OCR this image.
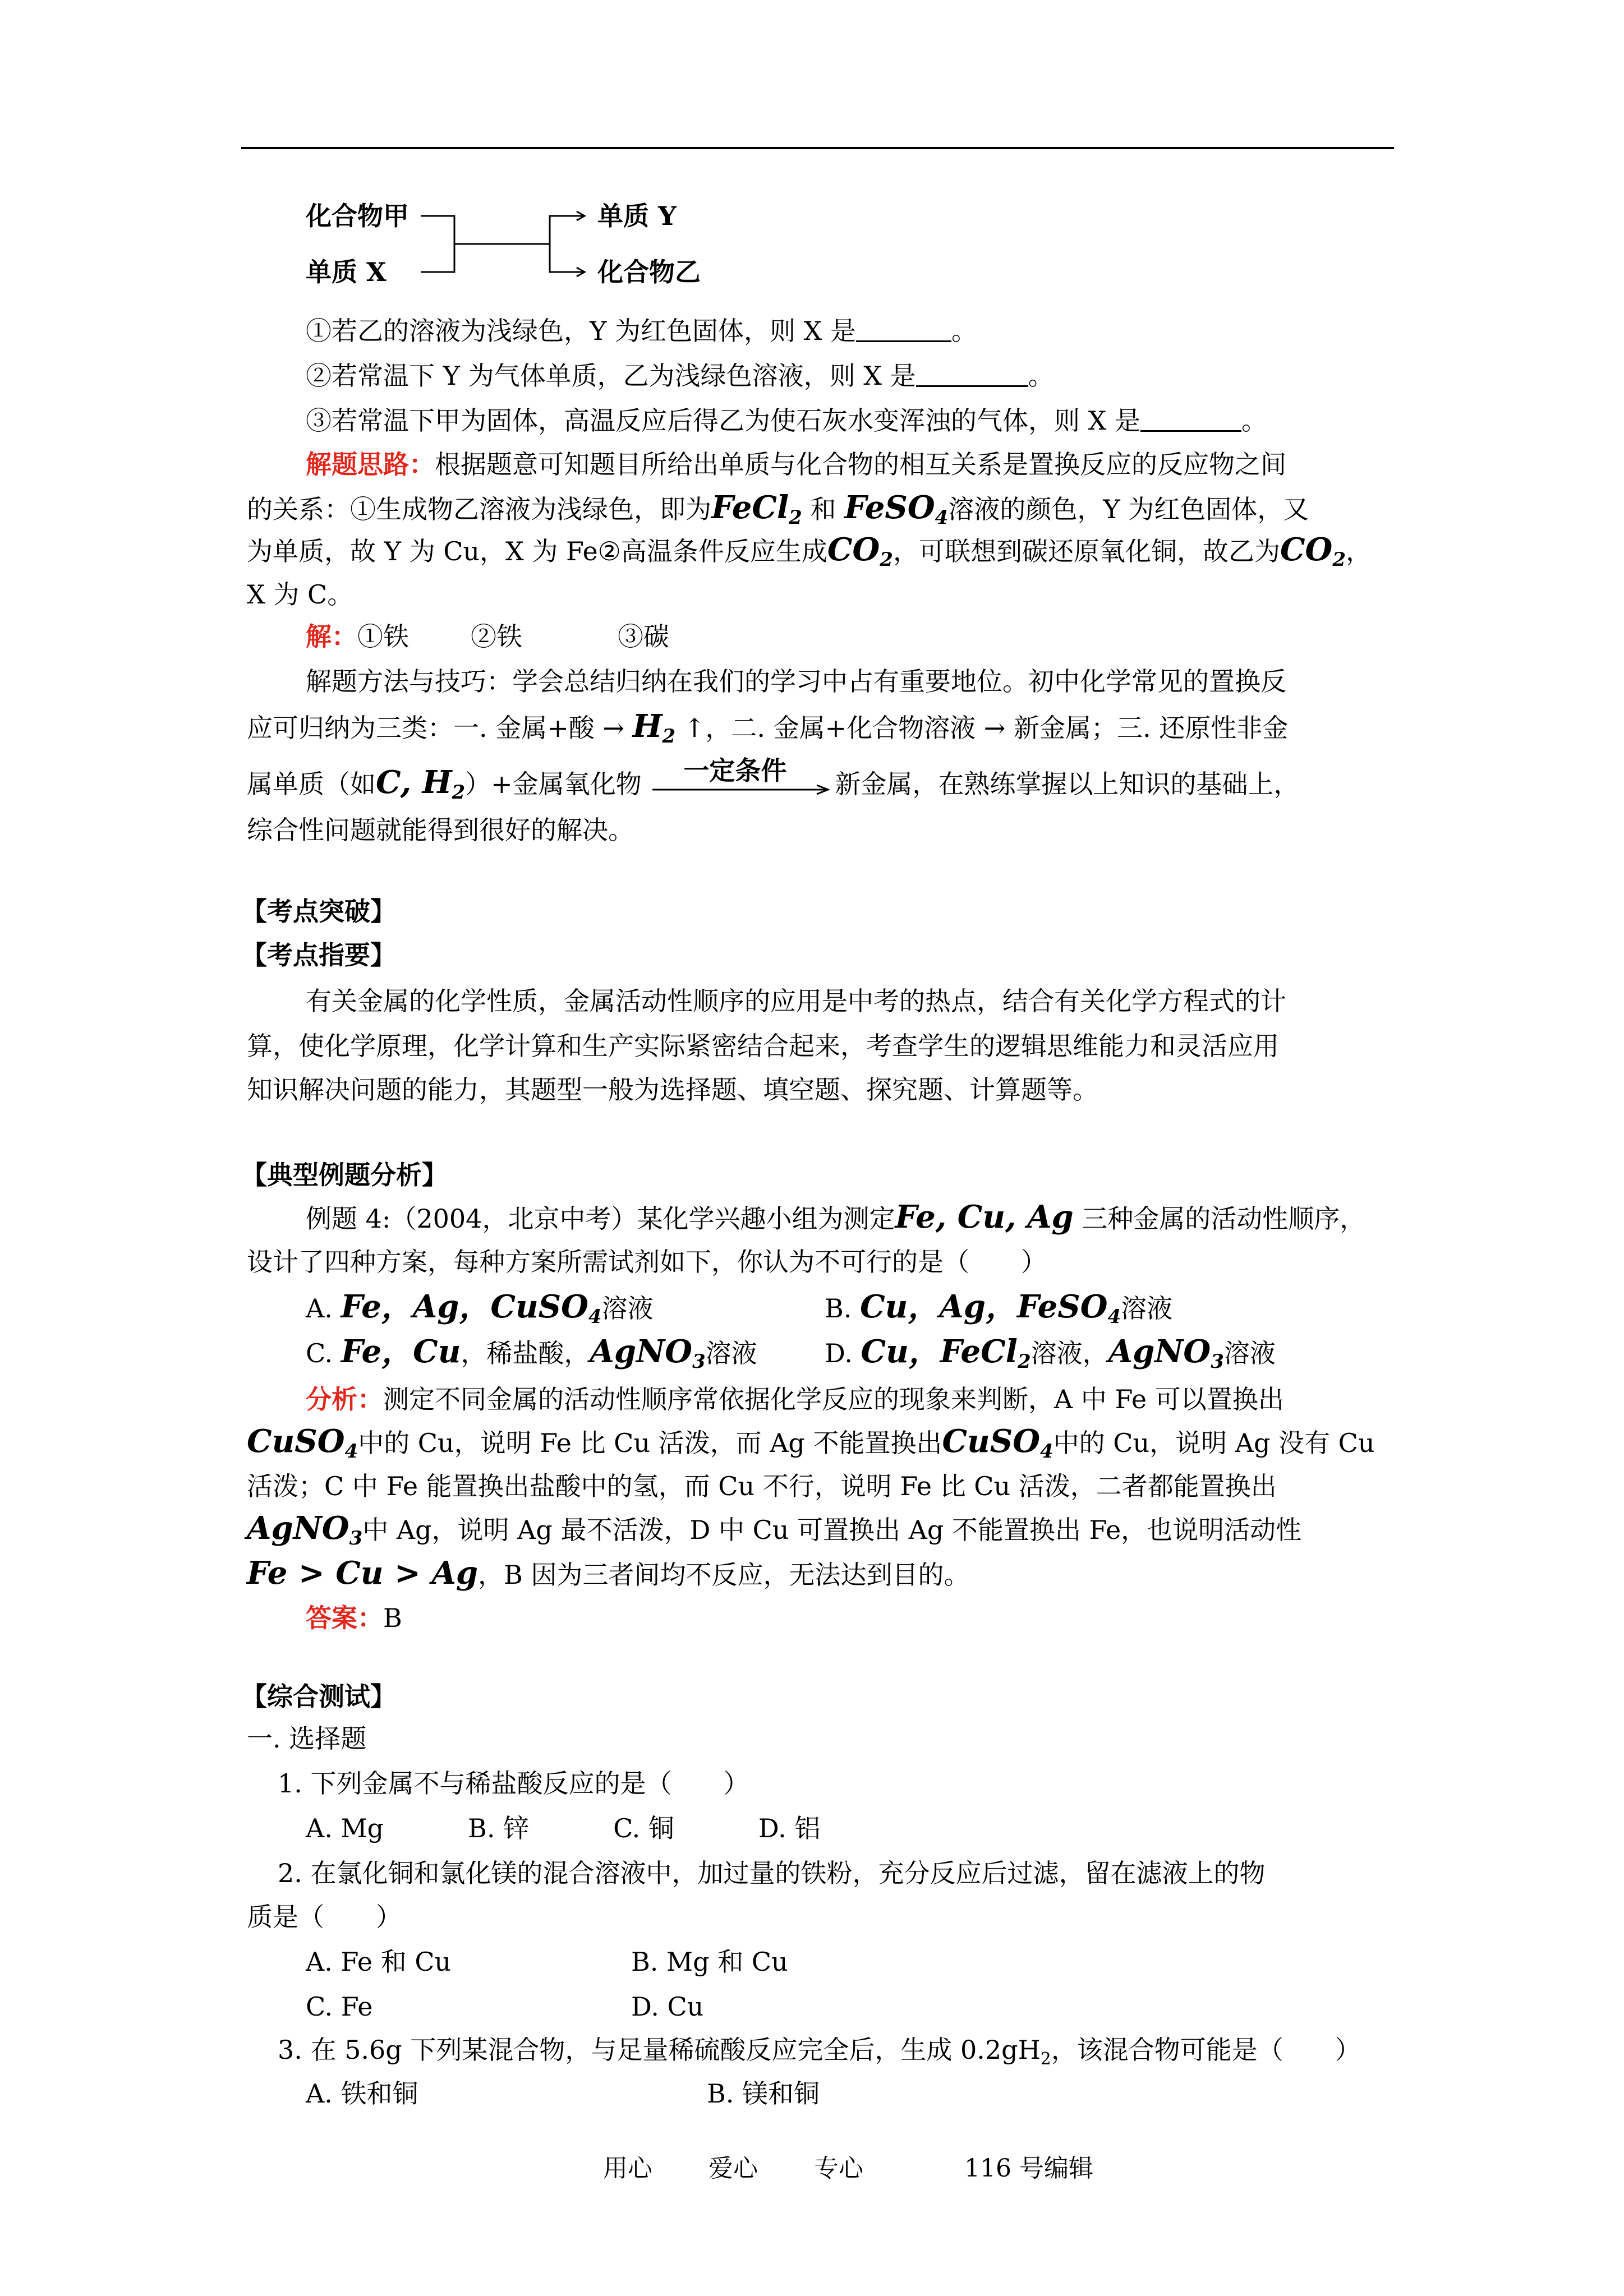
化合物甲
单质 X
单质 Y
化合物乙
①若乙的溶液为浅绿色，Y 为红色固体，则 X 是	。
②若常温下 Y 为气体单质，乙为浅绿色溶液，则 X 是	。
③若常温下甲为固体，高温反应后得乙为使石灰水变浑浊的气体，则 X 是	。
解题思路：根据题意可知题目所给出单质与化合物的相互关系是置换反应的反应物之间
的关系：①生成物乙溶液为浅绿色，即为FeCl$_2$ 和 FeSO$_4$溶液的颜色，Y 为红色固体，又
为单质，故 Y 为 Cu，X 为 Fe②高温条件反应生成$CO_2$，可联想到碳还原氧化铜，故乙为$CO_2$，
X 为 C。
解：①铁 ②铁	③碳
解题方法与技巧：学会总结归纳在我们的学习中占有重要地位。初中化学常见的置换反
应可归纳为三类：一. 金属+酸 → $H_2$ ↑，二. 金属+化合物溶液 → 新金属；三. 还原性非金
属单质（如C, $H_2)+$金属氧化物 一定条件 新金属，在熟练掌握以上知识的基础上，
综合性问题就能得到很好的解决。
【考点突破】
【考点指要】
有关金属的化学性质，金属活动性顺序的应用是中考的热点，结合有关化学方程式的计
算，使化学原理，化学计算和生产实际紧密结合起来，考查学生的逻辑思维能力和灵活应用
知识解决问题的能力，其题型一般为选择题、填空题、探究题、计算题等。
【典型例题分析】
例题 4:（2004，北京中考）某化学兴趣小组为测定Fe, Cu, Ag 三种金属的活动性顺序，
设计了四种方案，每种方案所需试剂如下，你认为不可行的是（　　）
A. Fe，Ag，CuSO$_4$溶液	B. Cu，Ag，FeSO$_4$溶液
C. Fe，Cu，稀盐酸，AgNO$_3$溶液	D. Cu，FeCl$_2$溶液，AgNO$_3$溶液
分析：测定不同金属的活动性顺序常依据化学反应的现象来判断，A 中 Fe 可以置换出
CuSO$_4$中的 Cu，说明 Fe 比 Cu 活泼，而 Ag 不能置换出CuSO$_4$中的 Cu，说明 Ag 没有 Cu
活泼；C 中 Fe 能置换出盐酸中的氢，而 Cu 不行，说明 Fe 比 Cu 活泼，二者都能置换出
AgNO$_3$中 Ag，说明 Ag 最不活泼，D 中 Cu 可置换出 Ag 不能置换出 Fe，也说明活动性
Fe > Cu > Ag，B 因为三者间均不反应，无法达到目的。
答案：B
【综合测试】
一. 选择题
1. 下列金属不与稀盐酸反应的是（　　）
A. Mg	B. 锌	C. 铜	D. 铝
2. 在氯化铜和氯化镁的混合溶液中，加过量的铁粉，充分反应后过滤，留在滤液上的物
质是（　　）
A. Fe 和 Cu	B. Mg 和 Cu
C. Fe	D. Cu
3. 在 5.6g 下列某混合物，与足量稀硫酸反应完全后，生成 $0.2gH_2$，该混合物可能是（　　）
A. 铁和铜	B. 镁和铜
用心 爱心 专心	116 号编辑
